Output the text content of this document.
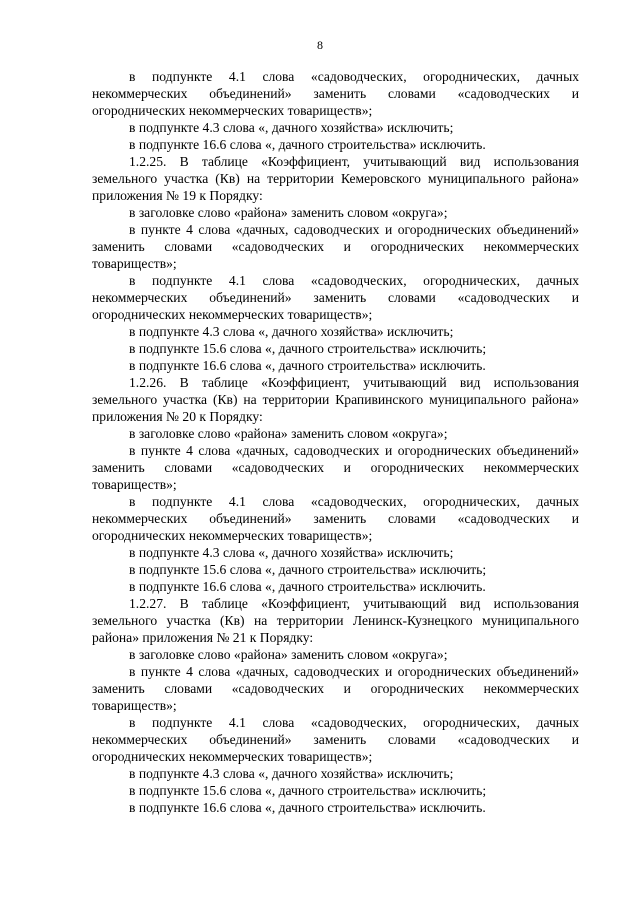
8

в подпункте 4.1 слова «садоводческих, огороднических, дачных некоммерческих объединений» заменить словами «садоводческих и огороднических некоммерческих товариществ»;

в подпункте 4.3 слова «, дачного хозяйства» исключить;

в подпункте 16.6 слова «, дачного строительства» исключить.

1.2.25. В таблице «Коэффициент, учитывающий вид использования земельного участка (Кв) на территории Кемеровского муниципального района» приложения № 19 к Порядку:

в заголовке слово «района» заменить словом «округа»;

в пункте 4 слова «дачных, садоводческих и огороднических объединений» заменить словами «садоводческих и огороднических некоммерческих товариществ»;

в подпункте 4.1 слова «садоводческих, огороднических, дачных некоммерческих объединений» заменить словами «садоводческих и огороднических некоммерческих товариществ»;

в подпункте 4.3 слова «, дачного хозяйства» исключить;

в подпункте 15.6 слова «, дачного строительства» исключить;

в подпункте 16.6 слова «, дачного строительства» исключить.

1.2.26. В таблице «Коэффициент, учитывающий вид использования земельного участка (Кв) на территории Крапивинского муниципального района» приложения № 20 к Порядку:

в заголовке слово «района» заменить словом «округа»;

в пункте 4 слова «дачных, садоводческих и огороднических объединений» заменить словами «садоводческих и огороднических некоммерческих товариществ»;

в подпункте 4.1 слова «садоводческих, огороднических, дачных некоммерческих объединений» заменить словами «садоводческих и огороднических некоммерческих товариществ»;

в подпункте 4.3 слова «, дачного хозяйства» исключить;

в подпункте 15.6 слова «, дачного строительства» исключить;

в подпункте 16.6 слова «, дачного строительства» исключить.

1.2.27. В таблице «Коэффициент, учитывающий вид использования земельного участка (Кв) на территории Ленинск-Кузнецкого муниципального района» приложения № 21 к Порядку:

в заголовке слово «района» заменить словом «округа»;

в пункте 4 слова «дачных, садоводческих и огороднических объединений» заменить словами «садоводческих и огороднических некоммерческих товариществ»;

в подпункте 4.1 слова «садоводческих, огороднических, дачных некоммерческих объединений» заменить словами «садоводческих и огороднических некоммерческих товариществ»;

в подпункте 4.3 слова «, дачного хозяйства» исключить;

в подпункте 15.6 слова «, дачного строительства» исключить;

в подпункте 16.6 слова «, дачного строительства» исключить.
